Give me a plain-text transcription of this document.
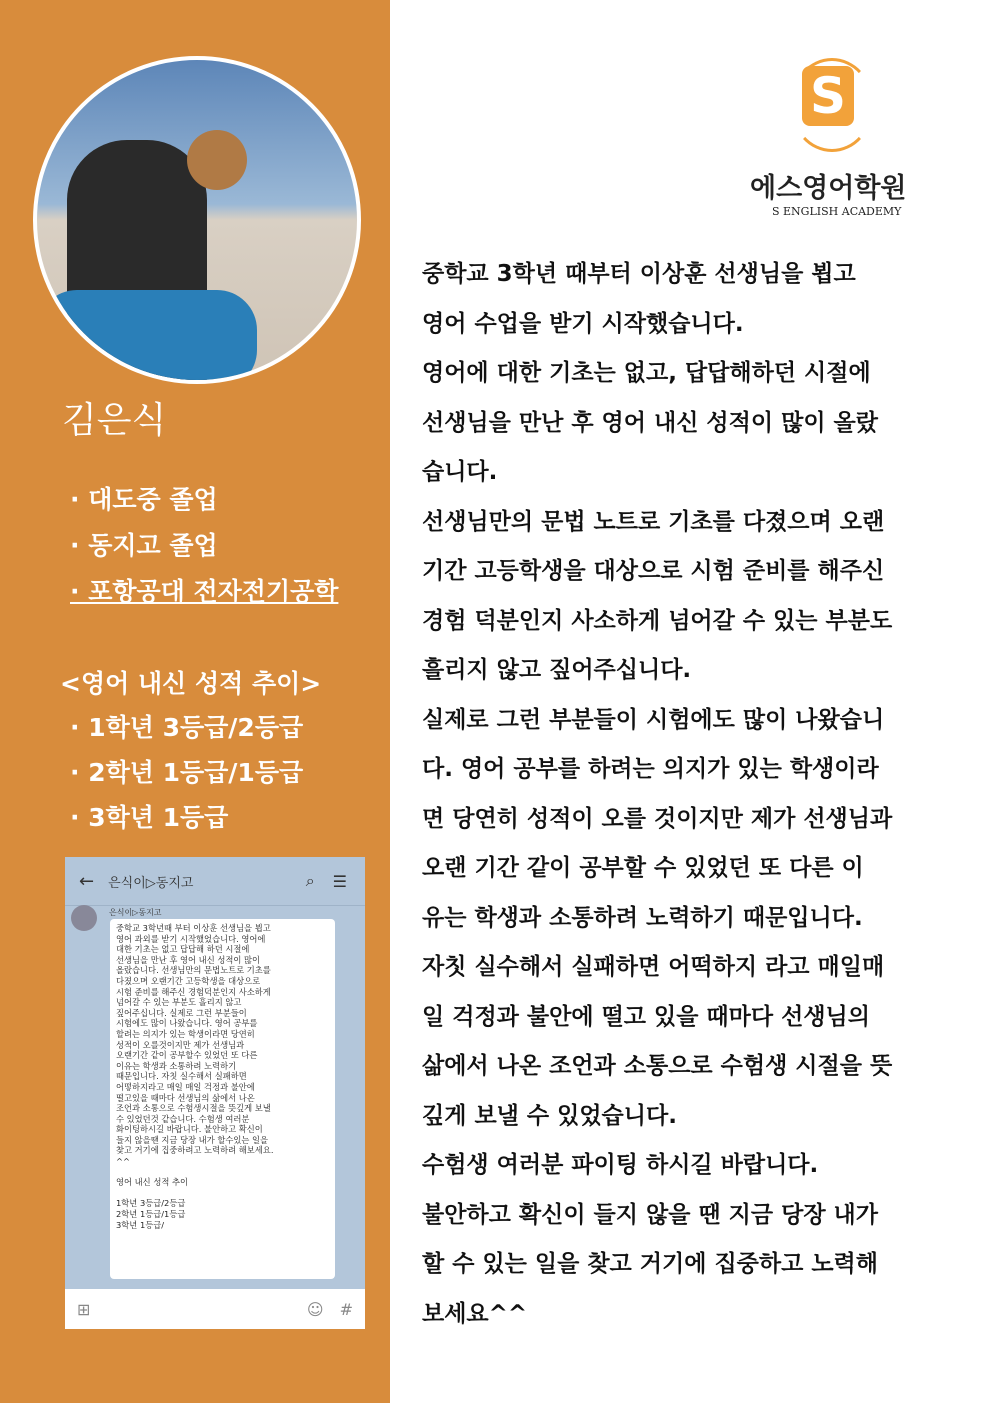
김은식
· 대도중 졸업
· 동지고 졸업
· 포항공대 전자전기공학
<영어 내신 성적 추이>
· 1학년 3등급/2등급
· 2학년 1등급/1등급
· 3학년 1등급
← 은식이▷동지고	⌕ ☰
은식이▷동지고
중학교 3학년때 부터 이상훈 선생님을 뵙고
영어 과외를 받기 시작했었습니다. 영어에
대한 기초는 없고 답답해 하던 시절에
선생님을 만난 후 영어 내신 성적이 많이
올랐습니다. 선생님만의 문법노트로 기초를
다졌으며 오랜기간 고등학생을 대상으로
시험 준비를 해주신 경험덕분인지 사소하게
넘어갈 수 있는 부분도 흘리지 않고
짚어주십니다. 실제로 그런 부분들이
시험에도 많이 나왔습니다. 영어 공부를
할려는 의지가 있는 학생이라면 당연히
성적이 오를것이지만 제가 선생님과
오랜기간 같이 공부할수 있었던 또 다른
이유는 학생과 소통하려 노력하기
때문입니다. 자칫 실수해서 실패하면
어떻하지라고 매일 매일 걱정과 불안에
떨고있을 때마다 선생님의 삶에서 나온
조언과 소통으로 수험생시절을 뜻깊게 보낼
수 있었던것 같습니다. 수험생 여러분
화이팅하시길 바랍니다. 불안하고 확신이
들지 않을땐 지금 당장 내가 할수있는 일을
찾고 거기에 집중하려고 노력하려 해보세요.
^^
영어 내신 성적 추이
1학년 3등급/2등급
2학년 1등급/1등급
3학년 1등급/
⊞	☺ #
S
에스영어학원
S ENGLISH ACADEMY
중학교 3학년 때부터 이상훈 선생님을 뵙고
영어 수업을 받기 시작했습니다.
영어에 대한 기초는 없고, 답답해하던 시절에
선생님을 만난 후 영어 내신 성적이 많이 올랐
습니다.
선생님만의 문법 노트로 기초를 다졌으며 오랜
기간 고등학생을 대상으로 시험 준비를 해주신
경험 덕분인지 사소하게 넘어갈 수 있는 부분도
흘리지 않고 짚어주십니다.
실제로 그런 부분들이 시험에도 많이 나왔습니
다. 영어 공부를 하려는 의지가 있는 학생이라
면 당연히 성적이 오를 것이지만 제가 선생님과
오랜 기간 같이 공부할 수 있었던 또 다른 이
유는 학생과 소통하려 노력하기 때문입니다.
자칫 실수해서 실패하면 어떡하지 라고 매일매
일 걱정과 불안에 떨고 있을 때마다 선생님의
삶에서 나온 조언과 소통으로 수험생 시절을 뜻
깊게 보낼 수 있었습니다.
수험생 여러분 파이팅 하시길 바랍니다.
불안하고 확신이 들지 않을 땐 지금 당장 내가
할 수 있는 일을 찾고 거기에 집중하고 노력해
보세요^^
